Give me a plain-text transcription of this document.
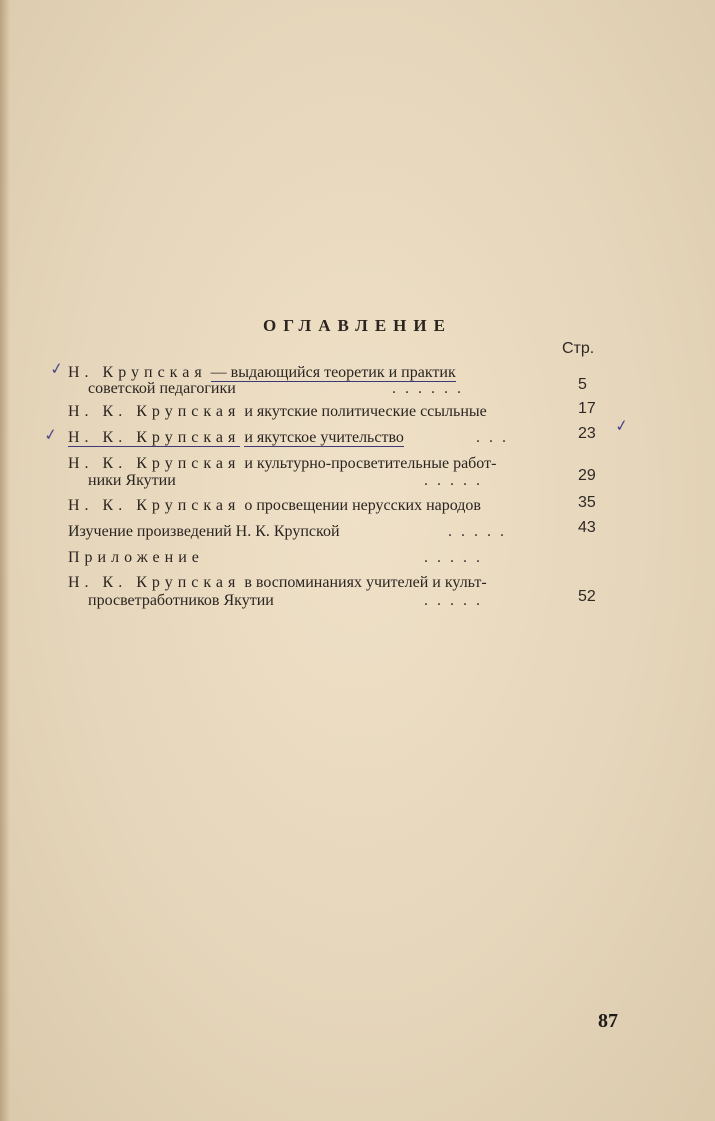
ОГЛАВЛЕНИЕ
Стр.
✓ Н. Крупская — выдающийся теоретик и практик
советской педагогики	......	5
Н. К. Крупская и якутские политические ссыльные	17
✓ Н. К. Крупская и якутское учительство	...	23 ✓
Н. К. Крупская и культурно-просветительные работ-
ники Якутии	.....	29
Н. К. Крупская о просвещении нерусских народов	35
Изучение произведений Н. К. Крупской	.....	43
Приложение	.....
Н. К. Крупская в воспоминаниях учителей и культ-
просветработников Якутии	.....	52
87
